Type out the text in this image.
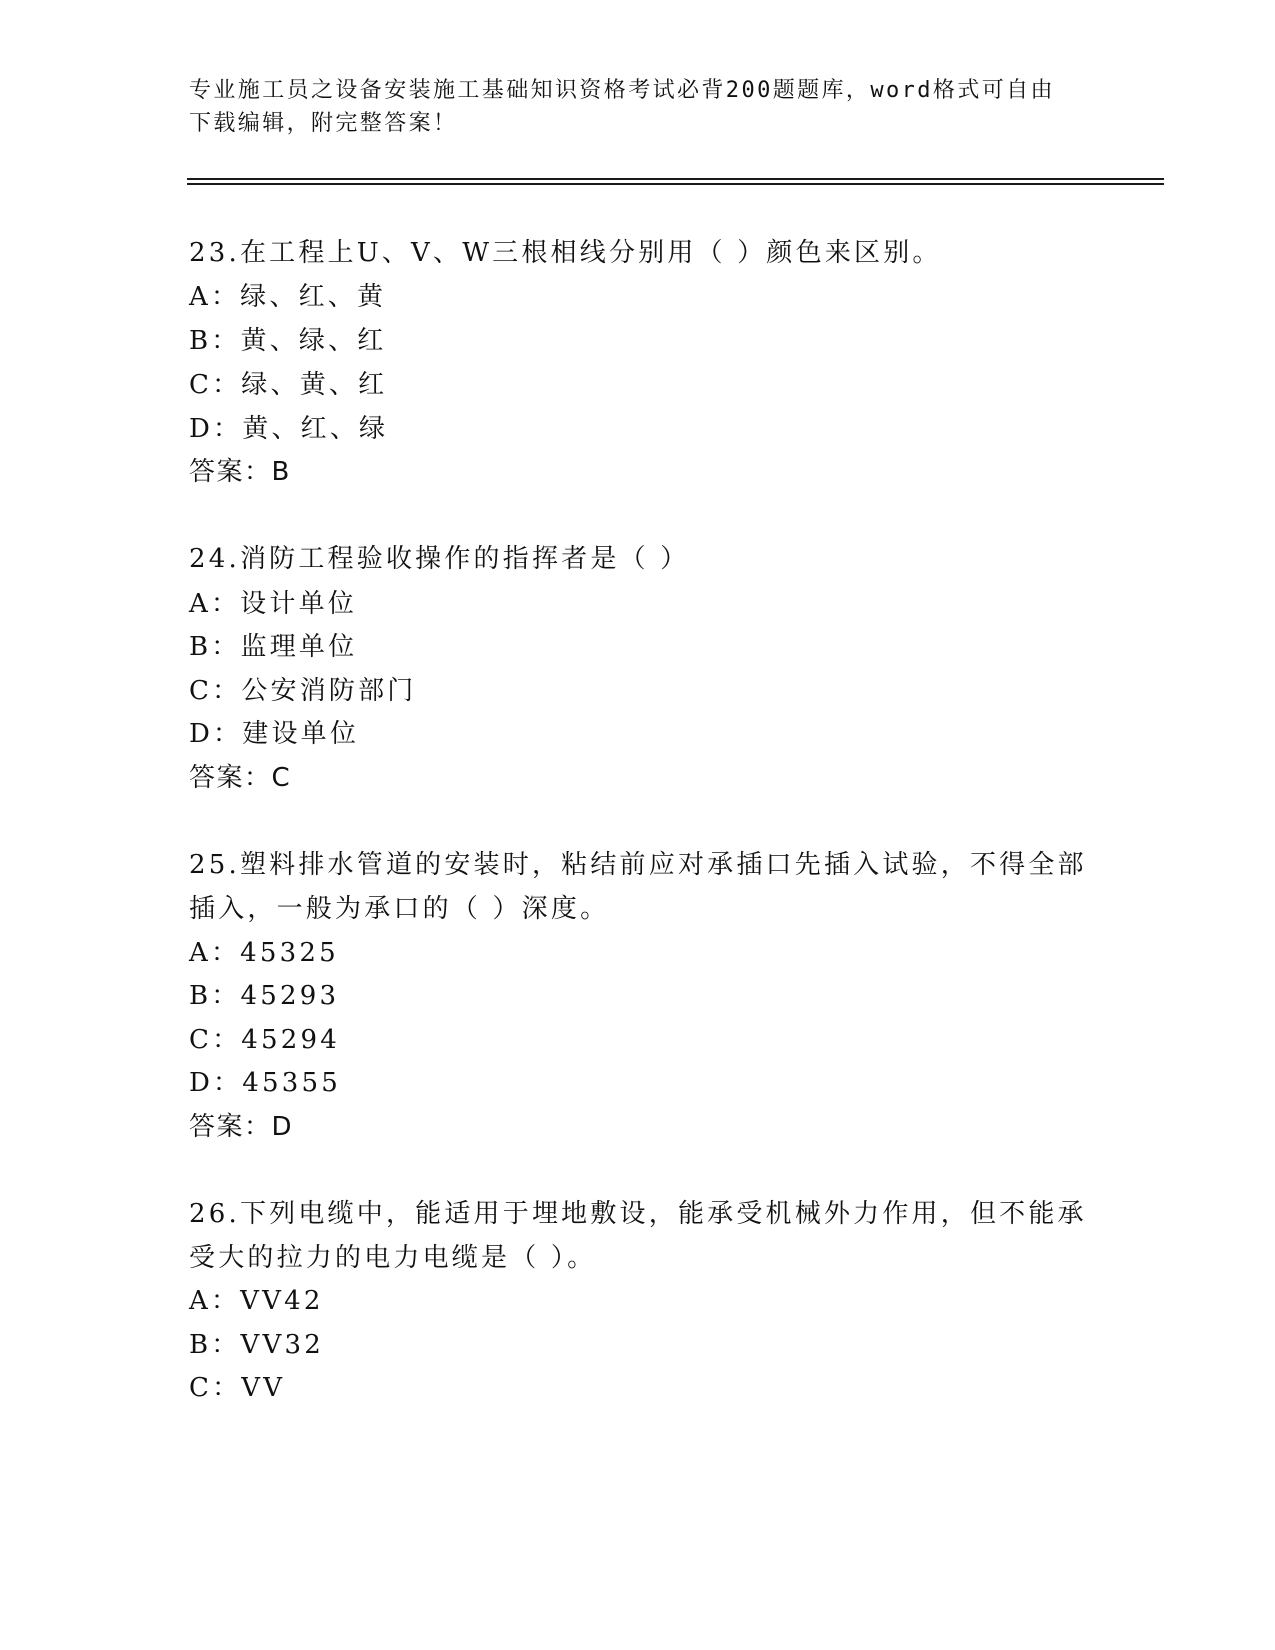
专业施工员之设备安装施工基础知识资格考试必背200题题库，word格式可自由
下载编辑，附完整答案！
23.在工程上U、V、W三根相线分别用（ ）颜色来区别。
A：绿、红、黄
B：黄、绿、红
C：绿、黄、红
D：黄、红、绿
答案：B
24.消防工程验收操作的指挥者是（ ）
A：设计单位
B：监理单位
C：公安消防部门
D：建设单位
答案：C
25.塑料排水管道的安装时，粘结前应对承插口先插入试验，不得全部
插入，一般为承口的（ ）深度。
A：45325
B：45293
C：45294
D：45355
答案：D
26.下列电缆中，能适用于埋地敷设，能承受机械外力作用，但不能承
受大的拉力的电力电缆是（ ）。
A：VV42
B：VV32
C：VV
